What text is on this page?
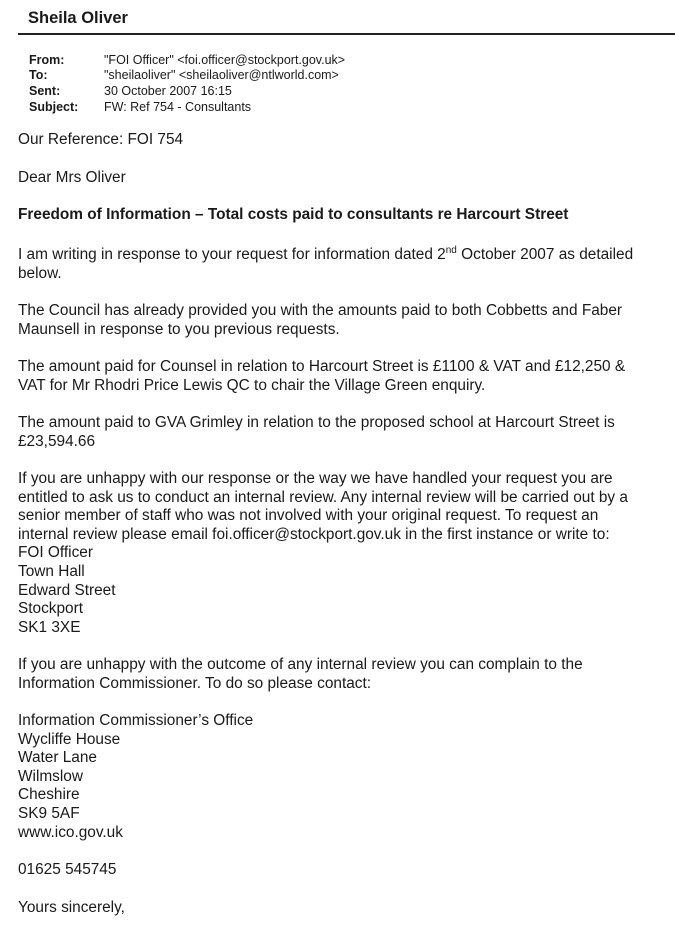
Sheila Oliver
From:	"FOI Officer" <foi.officer@stockport.gov.uk>
To:	"sheilaoliver" <sheilaoliver@ntlworld.com>
Sent:	30 October 2007 16:15
Subject: FW: Ref 754 - Consultants
Our Reference: FOI 754
Dear Mrs Oliver
Freedom of Information – Total costs paid to consultants re Harcourt Street
I am writing in response to your request for information dated 2nd October 2007 as detailed
below.
The Council has already provided you with the amounts paid to both Cobbetts and Faber
Maunsell in response to you previous requests.
The amount paid for Counsel in relation to Harcourt Street is £1100 & VAT and £12,250 &
VAT for Mr Rhodri Price Lewis QC to chair the Village Green enquiry.
The amount paid to GVA Grimley in relation to the proposed school at Harcourt Street is
£23,594.66
If you are unhappy with our response or the way we have handled your request you are
entitled to ask us to conduct an internal review. Any internal review will be carried out by a
senior member of staff who was not involved with your original request. To request an
internal review please email foi.officer@stockport.gov.uk in the first instance or write to:
FOI Officer
Town Hall
Edward Street
Stockport
SK1 3XE
If you are unhappy with the outcome of any internal review you can complain to the
Information Commissioner. To do so please contact:
Information Commissioner’s Office
Wycliffe House
Water Lane
Wilmslow
Cheshire
SK9 5AF
www.ico.gov.uk
01625 545745
Yours sincerely,
